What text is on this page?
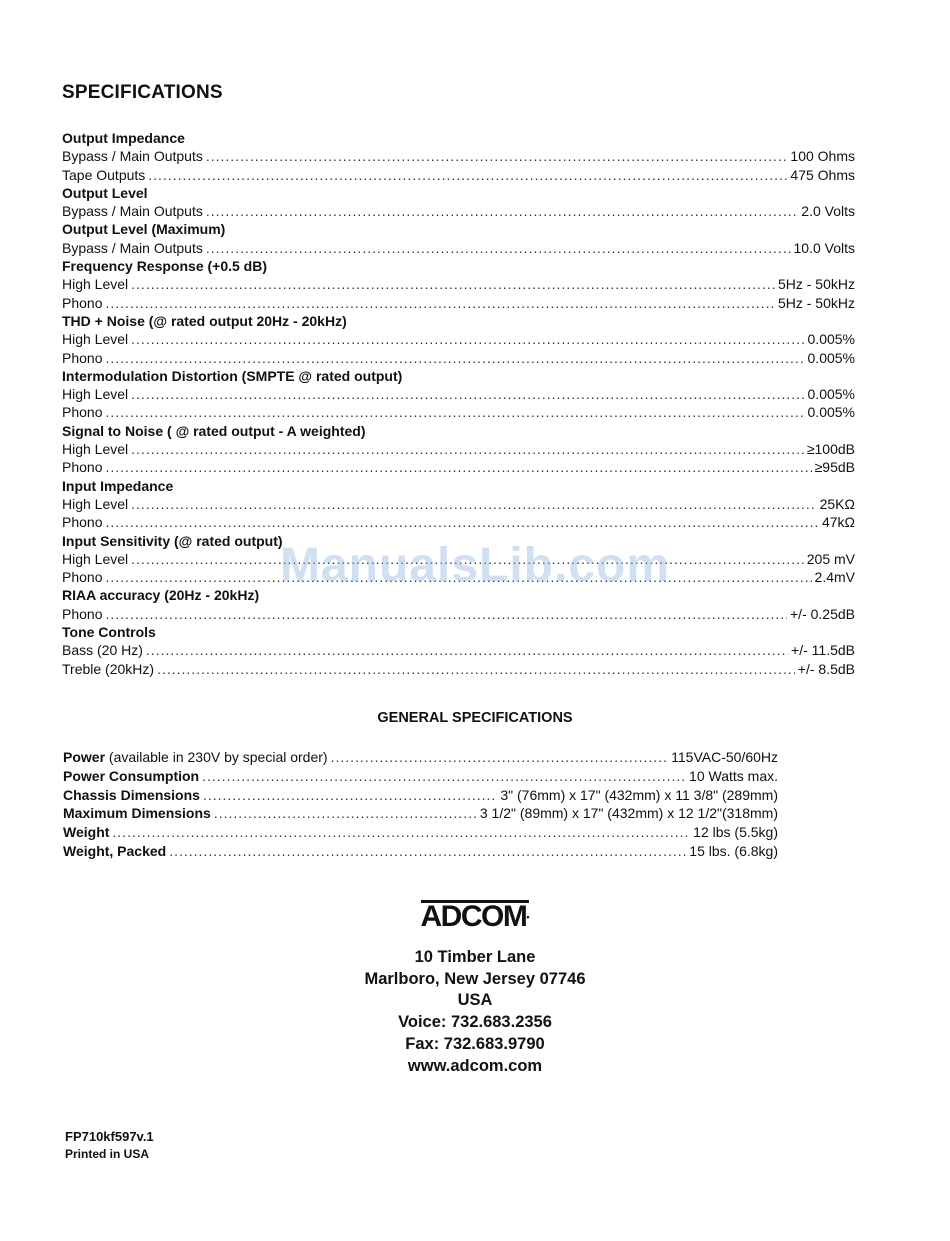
SPECIFICATIONS
Output Impedance
Bypass / Main Outputs .....	100 Ohms
Tape Outputs .....	475 Ohms
Output Level
Bypass / Main Outputs .....	2.0 Volts
Output Level (Maximum)
Bypass / Main Outputs .....	10.0 Volts
Frequency Response (+0.5 dB)
High Level .....	5Hz - 50kHz
Phono .....	5Hz - 50kHz
THD + Noise (@ rated output 20Hz - 20kHz)
High Level .....	0.005%
Phono .....	0.005%
Intermodulation Distortion (SMPTE @ rated output)
High Level .....	0.005%
Phono .....	0.005%
Signal to Noise ( @ rated output - A weighted)
High Level .....	≥100dB
Phono .....	≥95dB
Input Impedance
High Level .....	25KΩ
Phono .....	47kΩ
Input Sensitivity (@ rated output)
High Level .....	205 mV
Phono .....	2.4mV
RIAA accuracy (20Hz - 20kHz)
Phono .....	+/- 0.25dB
Tone Controls
Bass (20 Hz) .....	+/- 11.5dB
Treble (20kHz) .....	+/- 8.5dB
GENERAL SPECIFICATIONS
Power (available in 230V by special order) .....	115VAC-50/60Hz
Power Consumption .....	10 Watts max.
Chassis Dimensions .....	3" (76mm) x 17" (432mm) x 11 3/8" (289mm)
Maximum Dimensions .....	3 1/2" (89mm) x 17" (432mm) x 12 1/2"(318mm)
Weight .....	12 lbs (5.5kg)
Weight, Packed .....	15 lbs. (6.8kg)
ADCOM•
10 Timber Lane
Marlboro, New Jersey 07746
USA
Voice: 732.683.2356
Fax: 732.683.9790
www.adcom.com
FP710kf597v.1
Printed in USA
ManualsLib.com
